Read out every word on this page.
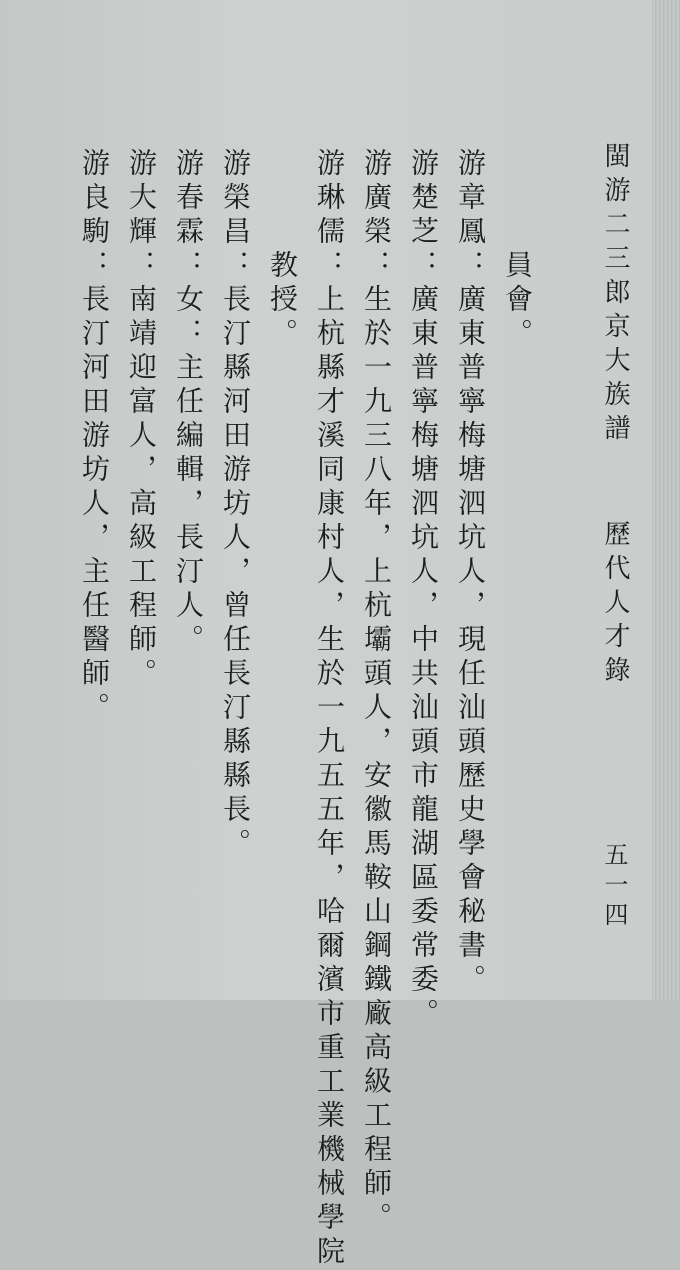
閩游二三郎京大族譜
歷代人才錄
五一四
員會。
游章鳳：廣東普寧梅塘泗坑人，現任汕頭歷史學會秘書。
游楚芝：廣東普寧梅塘泗坑人，中共汕頭市龍湖區委常委。
游廣榮：生於一九三八年，上杭壩頭人，安徽馬鞍山鋼鐵廠高級工程師。
教授。 游琳儒：上杭縣才溪同康村人，生於一九五五年，哈爾濱市重工業機械學院
游榮昌：長汀縣河田游坊人，曾任長汀縣縣長。
游春霖：女：主任編輯，長汀人。
游大輝：南靖迎富人，高級工程師。
游良駒：長汀河田游坊人，主任醫師。
